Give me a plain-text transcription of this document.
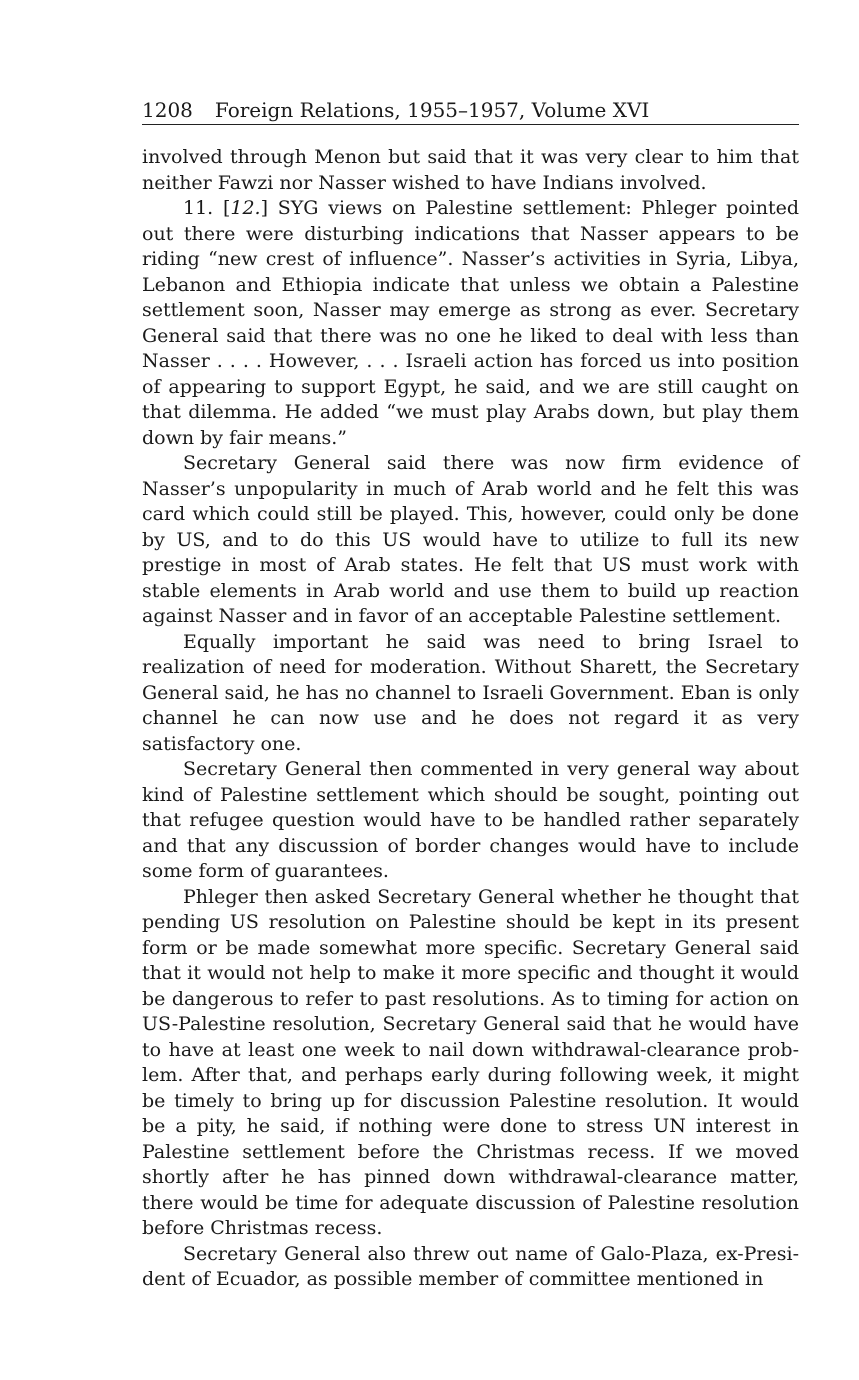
1208 Foreign Relations, 1955–1957, Volume XVI

involved through Menon but said that it was very clear to him that neither Fawzi nor Nasser wished to have Indians involved.

11. [12.] SYG views on Palestine settlement: Phleger pointed out there were disturbing indications that Nasser appears to be riding “new crest of influence”. Nasser’s activities in Syria, Libya, Lebanon and Ethiopia indicate that unless we obtain a Palestine settlement soon, Nasser may emerge as strong as ever. Secretary General said that there was no one he liked to deal with less than Nasser . . . . However, . . . Israeli action has forced us into position of appearing to support Egypt, he said, and we are still caught on that dilemma. He added “we must play Arabs down, but play them down by fair means.”

Secretary General said there was now firm evidence of Nasser’s unpopularity in much of Arab world and he felt this was card which could still be played. This, however, could only be done by US, and to do this US would have to utilize to full its new prestige in most of Arab states. He felt that US must work with stable elements in Arab world and use them to build up reaction against Nasser and in favor of an acceptable Palestine settlement.

Equally important he said was need to bring Israel to realization of need for moderation. Without Sharett, the Secretary General said, he has no channel to Israeli Government. Eban is only channel he can now use and he does not regard it as very satisfactory one.

Secretary General then commented in very general way about kind of Palestine settlement which should be sought, pointing out that refugee question would have to be handled rather separately and that any discussion of border changes would have to include some form of guarantees.

Phleger then asked Secretary General whether he thought that pending US resolution on Palestine should be kept in its present form or be made somewhat more specific. Secretary General said that it would not help to make it more specific and thought it would be dangerous to refer to past resolutions. As to timing for action on US-Palestine resolution, Secretary General said that he would have to have at least one week to nail down withdrawal-clearance problem. After that, and perhaps early during following week, it might be timely to bring up for discussion Palestine resolution. It would be a pity, he said, if nothing were done to stress UN interest in Palestine settlement before the Christmas recess. If we moved shortly after he has pinned down withdrawal-clearance matter, there would be time for adequate discussion of Palestine resolution before Christmas recess.

Secretary General also threw out name of Galo-Plaza, ex-President of Ecuador, as possible member of committee mentioned in
